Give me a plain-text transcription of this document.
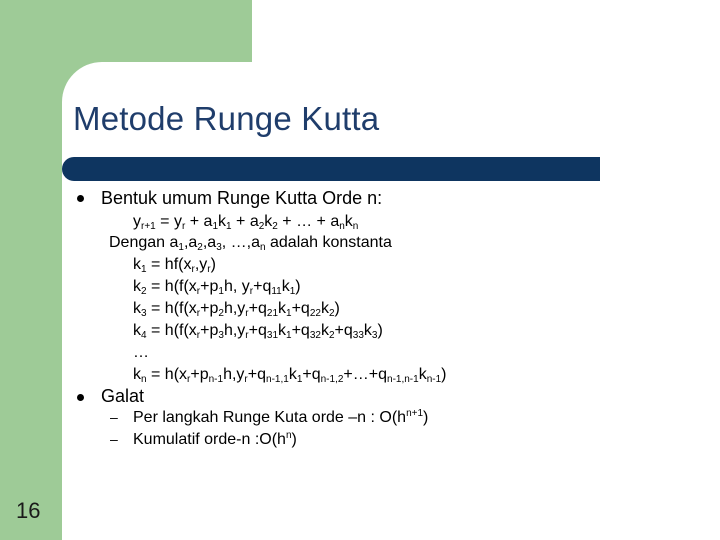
Metode Runge Kutta
Bentuk umum Runge Kutta Orde n:
$y_{r+1} = y_r + a_1k_1 + a_2k_2$ + … + $a_nk_n$
Dengan $a_1,a_2,a_3$, $\dots,a_n$ adalah konstanta
$k_1 = hf(x_r,y_r)$
$k_2 = h(f(x_r+p_1h$, $y_r+q_{11}k_1$)
$k_3 = h(f(x_r+p_2h,y_r+q_{21}k_1+q_{22}k_2)$
$k_4 = h(f(x_r+p_3h,y_r+q_{31}k_1+q_{32}k_2+q_{33}k_3)$
…
$k_n$ = $h(x_r+p_{n-1}h,y_r+q_{n-1,1}k_1+q_{n-1,2}+\dots+q_{n-1,n-1}k_{n-1})$
Galat
– Per langkah Runge Kuta orde –n : $O(h^{n+1})$
– Kumulatif orde-n $:O(h^n)$
16
